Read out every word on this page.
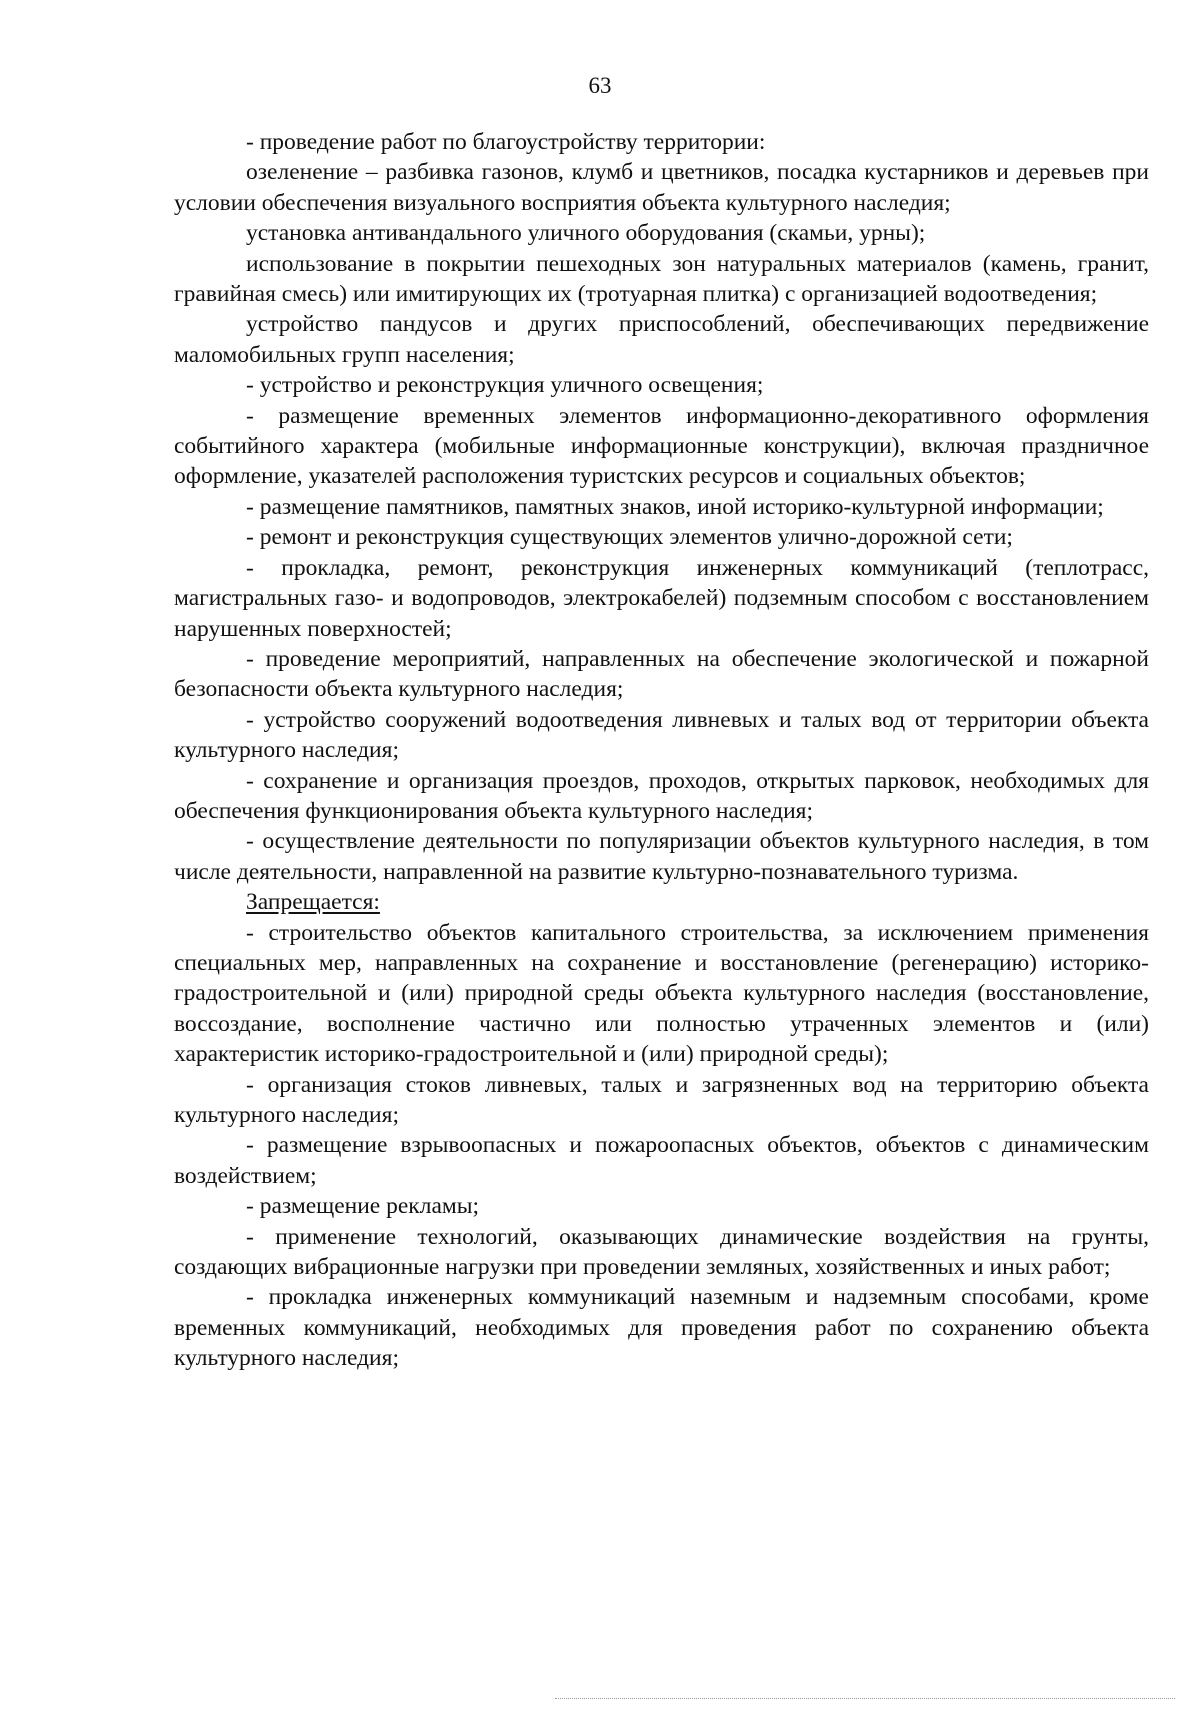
63

- проведение работ по благоустройству территории:

озеленение – разбивка газонов, клумб и цветников, посадка кустарников и деревьев при условии обеспечения визуального восприятия объекта культурного наследия;

установка антивандального уличного оборудования (скамьи, урны);

использование в покрытии пешеходных зон натуральных материалов (камень, гранит, гравийная смесь) или имитирующих их (тротуарная плитка) с организацией водоотведения;

устройство пандусов и других приспособлений, обеспечивающих передвижение маломобильных групп населения;

- устройство и реконструкция уличного освещения;

- размещение временных элементов информационно-декоративного оформления событийного характера (мобильные информационные конструкции), включая праздничное оформление, указателей расположения туристских ресурсов и социальных объектов;

- размещение памятников, памятных знаков, иной историко-культурной информации;

- ремонт и реконструкция существующих элементов улично-дорожной сети;

- прокладка, ремонт, реконструкция инженерных коммуникаций (теплотрасс, магистральных газо- и водопроводов, электрокабелей) подземным способом с восстановлением нарушенных поверхностей;

- проведение мероприятий, направленных на обеспечение экологической и пожарной безопасности объекта культурного наследия;

- устройство сооружений водоотведения ливневых и талых вод от территории объекта культурного наследия;

- сохранение и организация проездов, проходов, открытых парковок, необходимых для обеспечения функционирования объекта культурного наследия;

- осуществление деятельности по популяризации объектов культурного наследия, в том числе деятельности, направленной на развитие культурно-познавательного туризма.

Запрещается:

- строительство объектов капитального строительства, за исключением применения специальных мер, направленных на сохранение и восстановление (регенерацию) историко-градостроительной и (или) природной среды объекта культурного наследия (восстановление, воссоздание, восполнение частично или полностью утраченных элементов и (или) характеристик историко-градостроительной и (или) природной среды);

- организация стоков ливневых, талых и загрязненных вод на территорию объекта культурного наследия;

- размещение взрывоопасных и пожароопасных объектов, объектов с динамическим воздействием;

- размещение рекламы;

- применение технологий, оказывающих динамические воздействия на грунты, создающих вибрационные нагрузки при проведении земляных, хозяйственных и иных работ;

- прокладка инженерных коммуникаций наземным и надземным способами, кроме временных коммуникаций, необходимых для проведения работ по сохранению объекта культурного наследия;
